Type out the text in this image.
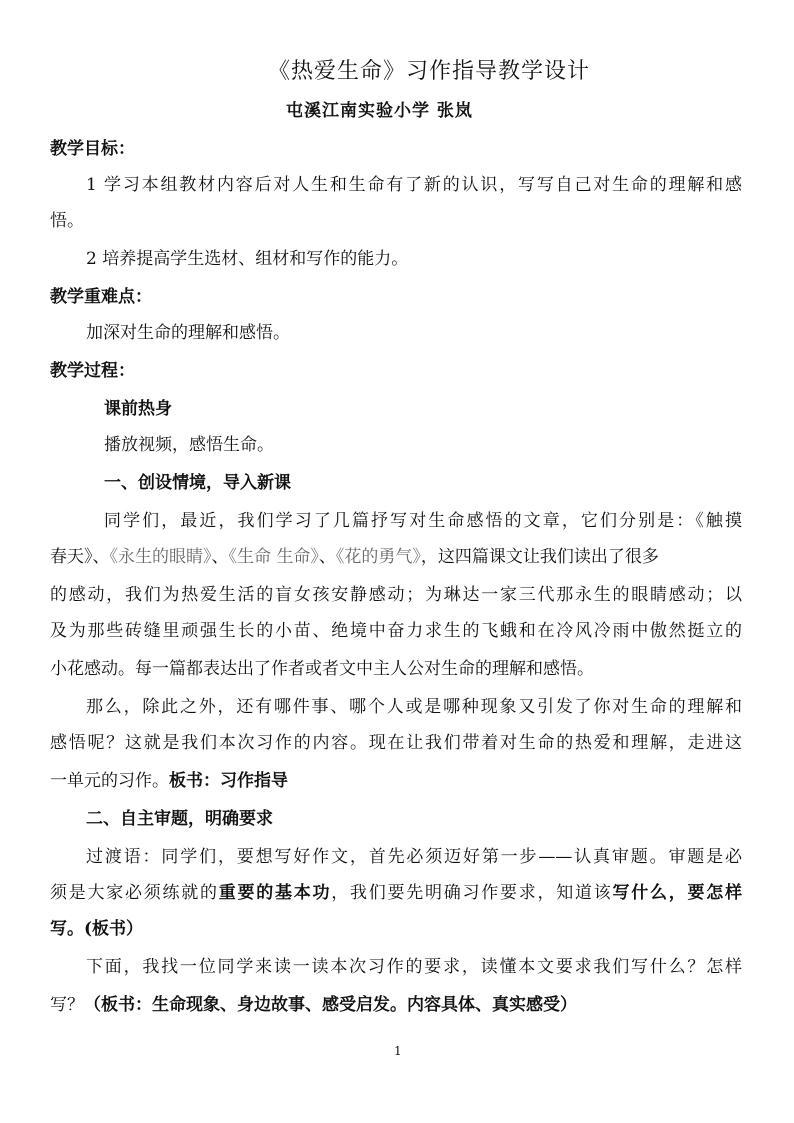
《热爱生命》习作指导教学设计
屯溪江南实验小学 张岚
教学目标：
1 学习本组教材内容后对人生和生命有了新的认识，写写自己对生命的理解和感
悟。
2 培养提高学生选材、组材和写作的能力。
教学重难点：
加深对生命的理解和感悟。
教学过程：
课前热身
播放视频，感悟生命。
一、创设情境，导入新课
同学们，最近，我们学习了几篇抒写对生命感悟的文章，它们分别是：《触摸
春天》、《永生的眼睛》、《生命 生命》、《花的勇气》，这四篇课文让我们读出了很多
的感动，我们为热爱生活的盲女孩安静感动；为琳达一家三代那永生的眼睛感动；以
及为那些砖缝里顽强生长的小苗、绝境中奋力求生的飞蛾和在冷风冷雨中傲然挺立的
小花感动。每一篇都表达出了作者或者文中主人公对生命的理解和感悟。
那么，除此之外，还有哪件事、哪个人或是哪种现象又引发了你对生命的理解和
感悟呢？这就是我们本次习作的内容。现在让我们带着对生命的热爱和理解，走进这
一单元的习作。板书：习作指导
二、自主审题，明确要求
过渡语：同学们，要想写好作文，首先必须迈好第一步——认真审题。审题是必
须是大家必须练就的重要的基本功，我们要先明确习作要求，知道该写什么，要怎样
写。(板书）
下面，我找一位同学来读一读本次习作的要求，读懂本文要求我们写什么？怎样
写？（板书：生命现象、身边故事、感受启发。内容具体、真实感受）
1
